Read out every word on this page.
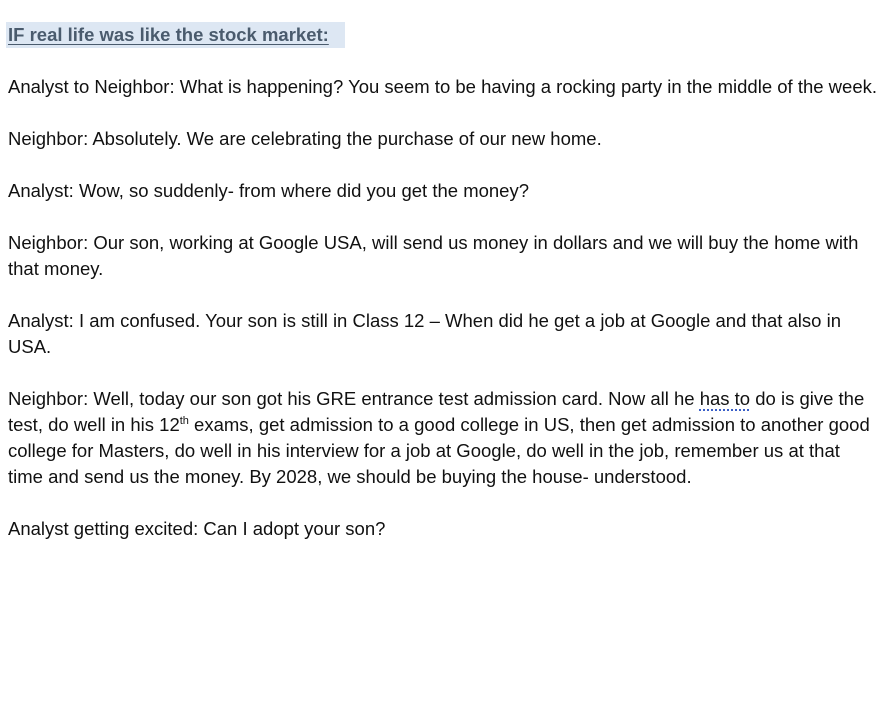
IF real life was like the stock market:

Analyst to Neighbor: What is happening? You seem to be having a rocking party in the middle of the week.

Neighbor: Absolutely. We are celebrating the purchase of our new home.

Analyst: Wow, so suddenly- from where did you get the money?

Neighbor: Our son, working at Google USA, will send us money in dollars and we will buy the home with that money.

Analyst: I am confused. Your son is still in Class 12 – When did he get a job at Google and that also in USA.

Neighbor: Well, today our son got his GRE entrance test admission card. Now all he has to do is give the test, do well in his 12th exams, get admission to a good college in US, then get admission to another good college for Masters, do well in his interview for a job at Google, do well in the job, remember us at that time and send us the money. By 2028, we should be buying the house- understood.

Analyst getting excited: Can I adopt your son?
